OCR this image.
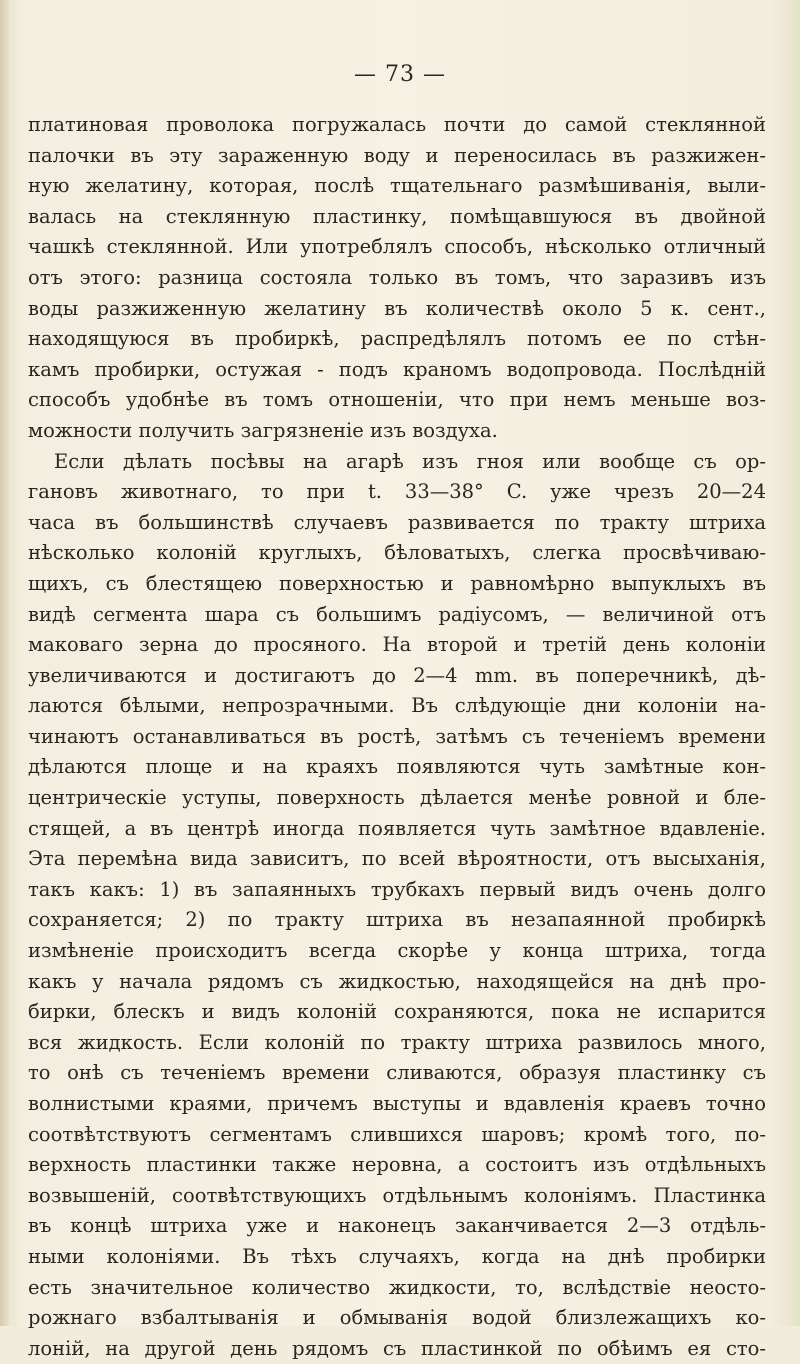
— 73 —
платиновая проволока погружалась почти до самой стеклянной
палочки въ эту зараженную воду и переносилась въ разжижен-
ную желатину, которая, послѣ тщательнаго размѣшиванія, выли-
валась на стеклянную пластинку, помѣщавшуюся въ двойной
чашкѣ стеклянной. Или употреблялъ способъ, нѣсколько отличный
отъ этого: разница состояла только въ томъ, что заразивъ изъ
воды разжиженную желатину въ количествѣ около 5 к. сент.,
находящуюся въ пробиркѣ, распредѣлялъ потомъ ее по стѣн-
камъ пробирки, остужая - подъ краномъ водопровода. Послѣдній
способъ удобнѣе въ томъ отношеніи, что при немъ меньше воз-
можности получить загрязненіе изъ воздуха.
Если дѣлать посѣвы на агарѣ изъ гноя или вообще съ ор-
гановъ животнаго, то при t. 33—38° C. уже чрезъ 20—24
часа въ большинствѣ случаевъ развивается по тракту штриха
нѣсколько колоній круглыхъ, бѣловатыхъ, слегка просвѣчиваю-
щихъ, съ блестящею поверхностью и равномѣрно выпуклыхъ въ
видѣ сегмента шара съ большимъ радіусомъ, — величиной отъ
маковаго зерна до просяного. На второй и третій день колоніи
увеличиваются и достигаютъ до 2—4 mm. въ поперечникѣ, дѣ-
лаются бѣлыми, непрозрачными. Въ слѣдующіе дни колоніи на-
чинаютъ останавливаться въ ростѣ, затѣмъ съ теченіемъ времени
дѣлаются площе и на краяхъ появляются чуть замѣтные кон-
центрическіе уступы, поверхность дѣлается менѣе ровной и бле-
стящей, а въ центрѣ иногда появляется чуть замѣтное вдавленіе.
Эта перемѣна вида зависитъ, по всей вѣроятности, отъ высыханія,
такъ какъ: 1) въ запаянныхъ трубкахъ первый видъ очень долго
сохраняется; 2) по тракту штриха въ незапаянной пробиркѣ
измѣненіе происходитъ всегда скорѣе у конца штриха, тогда
какъ у начала рядомъ съ жидкостью, находящейся на днѣ про-
бирки, блескъ и видъ колоній сохраняются, пока не испарится
вся жидкость. Если колоній по тракту штриха развилось много,
то онѣ съ теченіемъ времени сливаются, образуя пластинку съ
волнистыми краями, причемъ выступы и вдавленія краевъ точно
соотвѣтствуютъ сегментамъ слившихся шаровъ; кромѣ того, по-
верхность пластинки также неровна, а состоитъ изъ отдѣльныхъ
возвышеній, соотвѣтствующихъ отдѣльнымъ колоніямъ. Пластинка
въ концѣ штриха уже и наконецъ заканчивается 2—3 отдѣль-
ными колоніями. Въ тѣхъ случаяхъ, когда на днѣ пробирки
есть значительное количество жидкости, то, вслѣдствіе неосто-
рожнаго взбалтыванія и обмыванія водой близлежащихъ ко-
лоній, на другой день рядомъ съ пластинкой по обѣимъ ея сто-
